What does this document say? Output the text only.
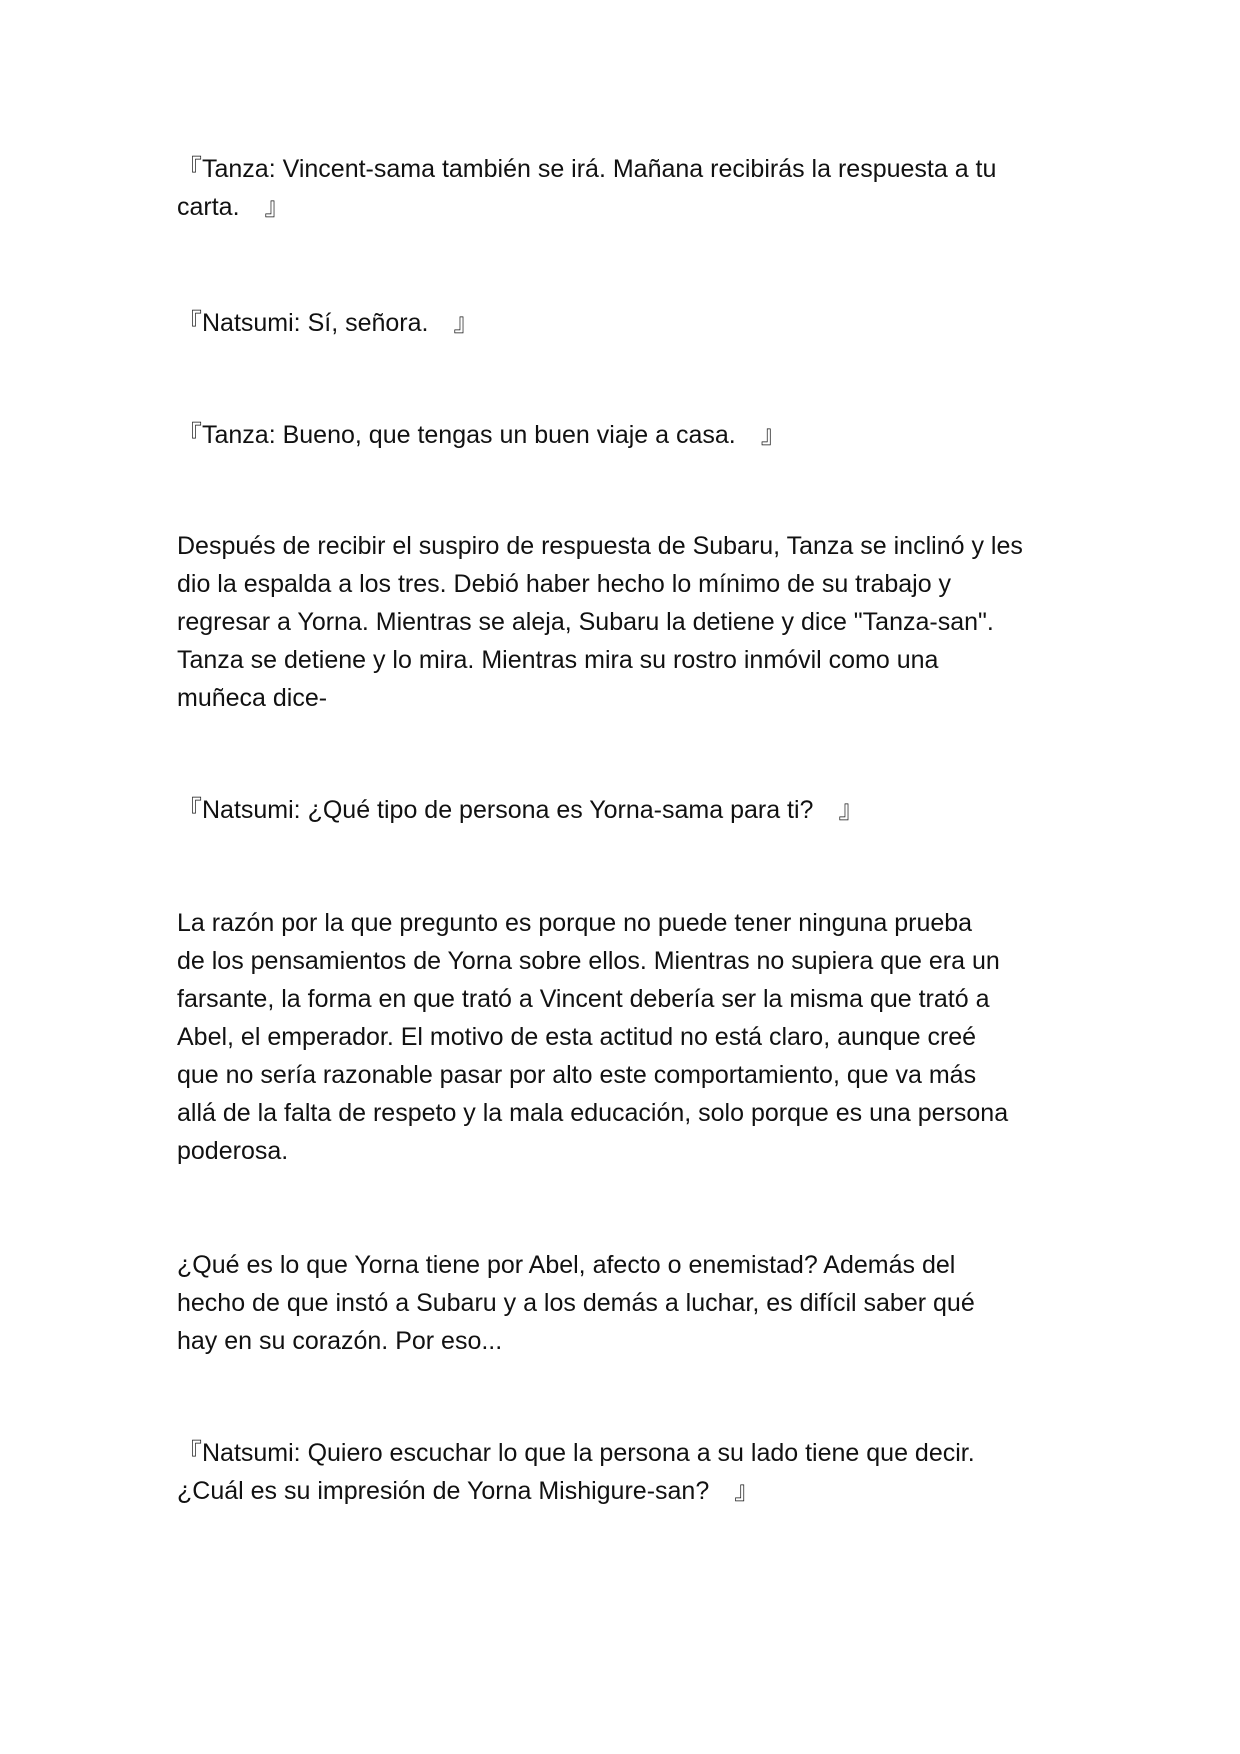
『Tanza: Vincent-sama también se irá. Mañana recibirás la respuesta a tu
carta.　』

『Natsumi: Sí, señora.　』

『Tanza: Bueno, que tengas un buen viaje a casa.　』

Después de recibir el suspiro de respuesta de Subaru, Tanza se inclinó y les
dio la espalda a los tres. Debió haber hecho lo mínimo de su trabajo y
regresar a Yorna. Mientras se aleja, Subaru la detiene y dice "Tanza-san".
Tanza se detiene y lo mira. Mientras mira su rostro inmóvil como una
muñeca dice-

『Natsumi: ¿Qué tipo de persona es Yorna-sama para ti?　』

La razón por la que pregunto es porque no puede tener ninguna prueba
de los pensamientos de Yorna sobre ellos. Mientras no supiera que era un
farsante, la forma en que trató a Vincent debería ser la misma que trató a
Abel, el emperador. El motivo de esta actitud no está claro, aunque creé
que no sería razonable pasar por alto este comportamiento, que va más
allá de la falta de respeto y la mala educación, solo porque es una persona
poderosa.

¿Qué es lo que Yorna tiene por Abel, afecto o enemistad? Además del
hecho de que instó a Subaru y a los demás a luchar, es difícil saber qué
hay en su corazón. Por eso...

『Natsumi: Quiero escuchar lo que la persona a su lado tiene que decir.
¿Cuál es su impresión de Yorna Mishigure-san?　』
